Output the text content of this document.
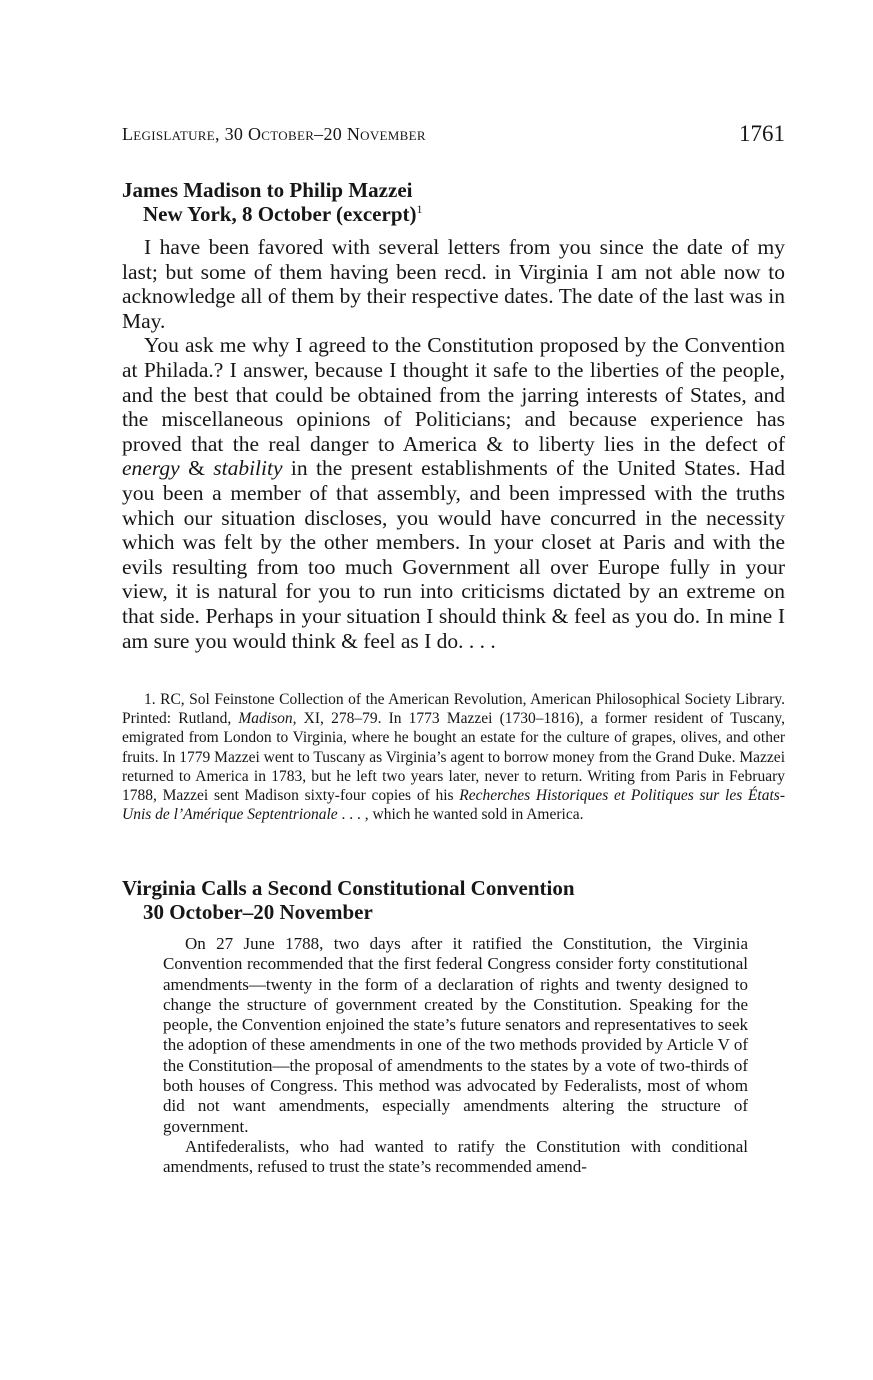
Legislature, 30 October–20 November	1761
James Madison to Philip Mazzei
New York, 8 October (excerpt)$^1$

I have been favored with several letters from you since the date of my last; but some of them having been recd. in Virginia I am not able now to acknowledge all of them by their respective dates. The date of the last was in May.

You ask me why I agreed to the Constitution proposed by the Convention at Philada.? I answer, because I thought it safe to the liberties of the people, and the best that could be obtained from the jarring interests of States, and the miscellaneous opinions of Politicians; and because experience has proved that the real danger to America & to liberty lies in the defect of energy & stability in the present establishments of the United States. Had you been a member of that assembly, and been impressed with the truths which our situation discloses, you would have concurred in the necessity which was felt by the other members. In your closet at Paris and with the evils resulting from too much Government all over Europe fully in your view, it is natural for you to run into criticisms dictated by an extreme on that side. Perhaps in your situation I should think & feel as you do. In mine I am sure you would think & feel as I do. . . .

1. RC, Sol Feinstone Collection of the American Revolution, American Philosophical Society Library. Printed: Rutland, Madison, XI, 278–79. In 1773 Mazzei (1730–1816), a former resident of Tuscany, emigrated from London to Virginia, where he bought an estate for the culture of grapes, olives, and other fruits. In 1779 Mazzei went to Tuscany as Virginia’s agent to borrow money from the Grand Duke. Mazzei returned to America in 1783, but he left two years later, never to return. Writing from Paris in February 1788, Mazzei sent Madison sixty-four copies of his Recherches Historiques et Politiques sur les États-Unis de l’Amérique Septentrionale . . . , which he wanted sold in America.

Virginia Calls a Second Constitutional Convention
30 October–20 November

On 27 June 1788, two days after it ratified the Constitution, the Virginia Convention recommended that the first federal Congress consider forty constitutional amendments—twenty in the form of a declaration of rights and twenty designed to change the structure of government created by the Constitution. Speaking for the people, the Convention enjoined the state’s future senators and representatives to seek the adoption of these amendments in one of the two methods provided by Article V of the Constitution—the proposal of amendments to the states by a vote of two-thirds of both houses of Congress. This method was advocated by Federalists, most of whom did not want amendments, especially amendments altering the structure of government.

Antifederalists, who had wanted to ratify the Constitution with conditional amendments, refused to trust the state’s recommended amend-
